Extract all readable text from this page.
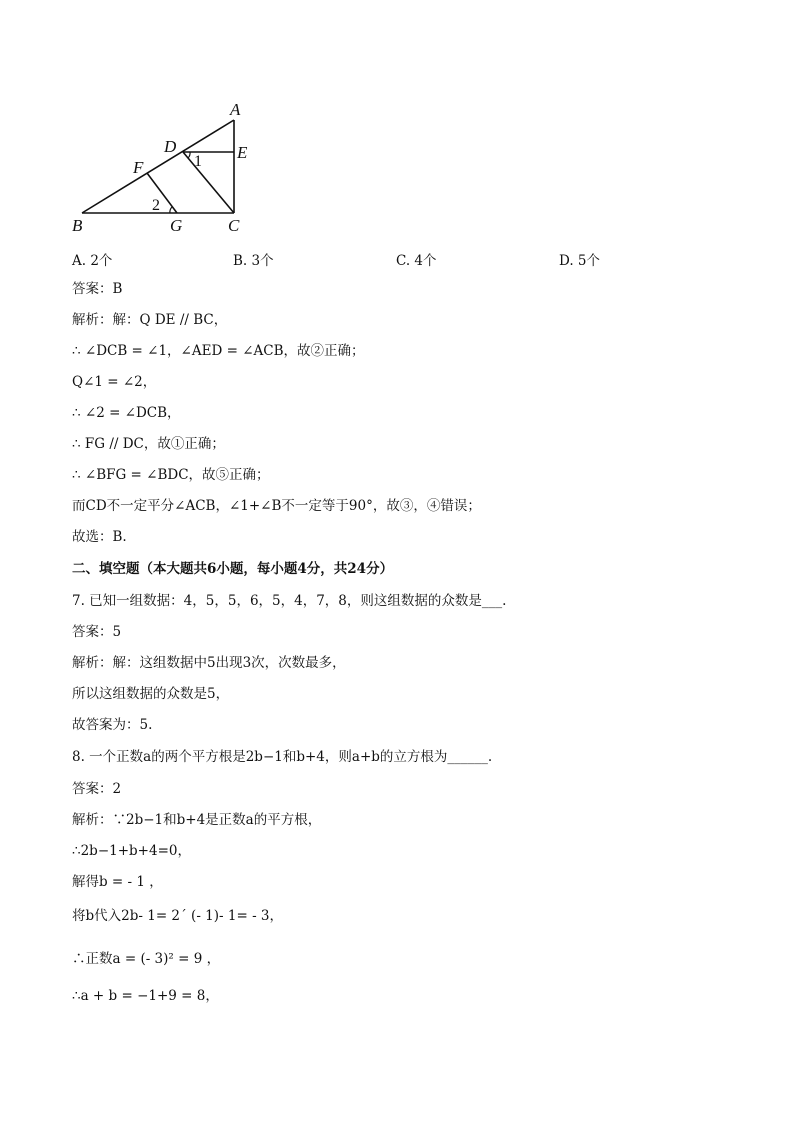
A
B	C
D	E
F
G
1
2
A. 2个	B. 3个	C. 4个	D. 5个
答案：B
解析：解：Q DE // BC，
∴ ∠DCB = ∠1，∠AED = ∠ACB，故②正确；
Q∠1 = ∠2，
∴ ∠2 = ∠DCB，
∴ FG // DC，故①正确；
∴ ∠BFG = ∠BDC，故⑤正确；
而CD不一定平分∠ACB，∠1+∠B不一定等于90°，故③，④错误；
故选：B.
二、填空题（本大题共6小题，每小题4分，共24分）
7. 已知一组数据：4，5，5，6，5，4，7，8，则这组数据的众数是___.
答案：5
解析：解：这组数据中5出现3次，次数最多，
所以这组数据的众数是5，
故答案为：5.
8. 一个正数a的两个平方根是2b−1和b+4，则a+b的立方根为______.
答案：2
解析：∵2b−1和b+4是正数a的平方根，
∴2b−1+b+4=0，
解得b = - 1 ，
将b代入2b- 1= 2´ (- 1)- 1= - 3，
∴正数a = (- 3)² = 9 ，
∴a + b = −1+9 = 8，
